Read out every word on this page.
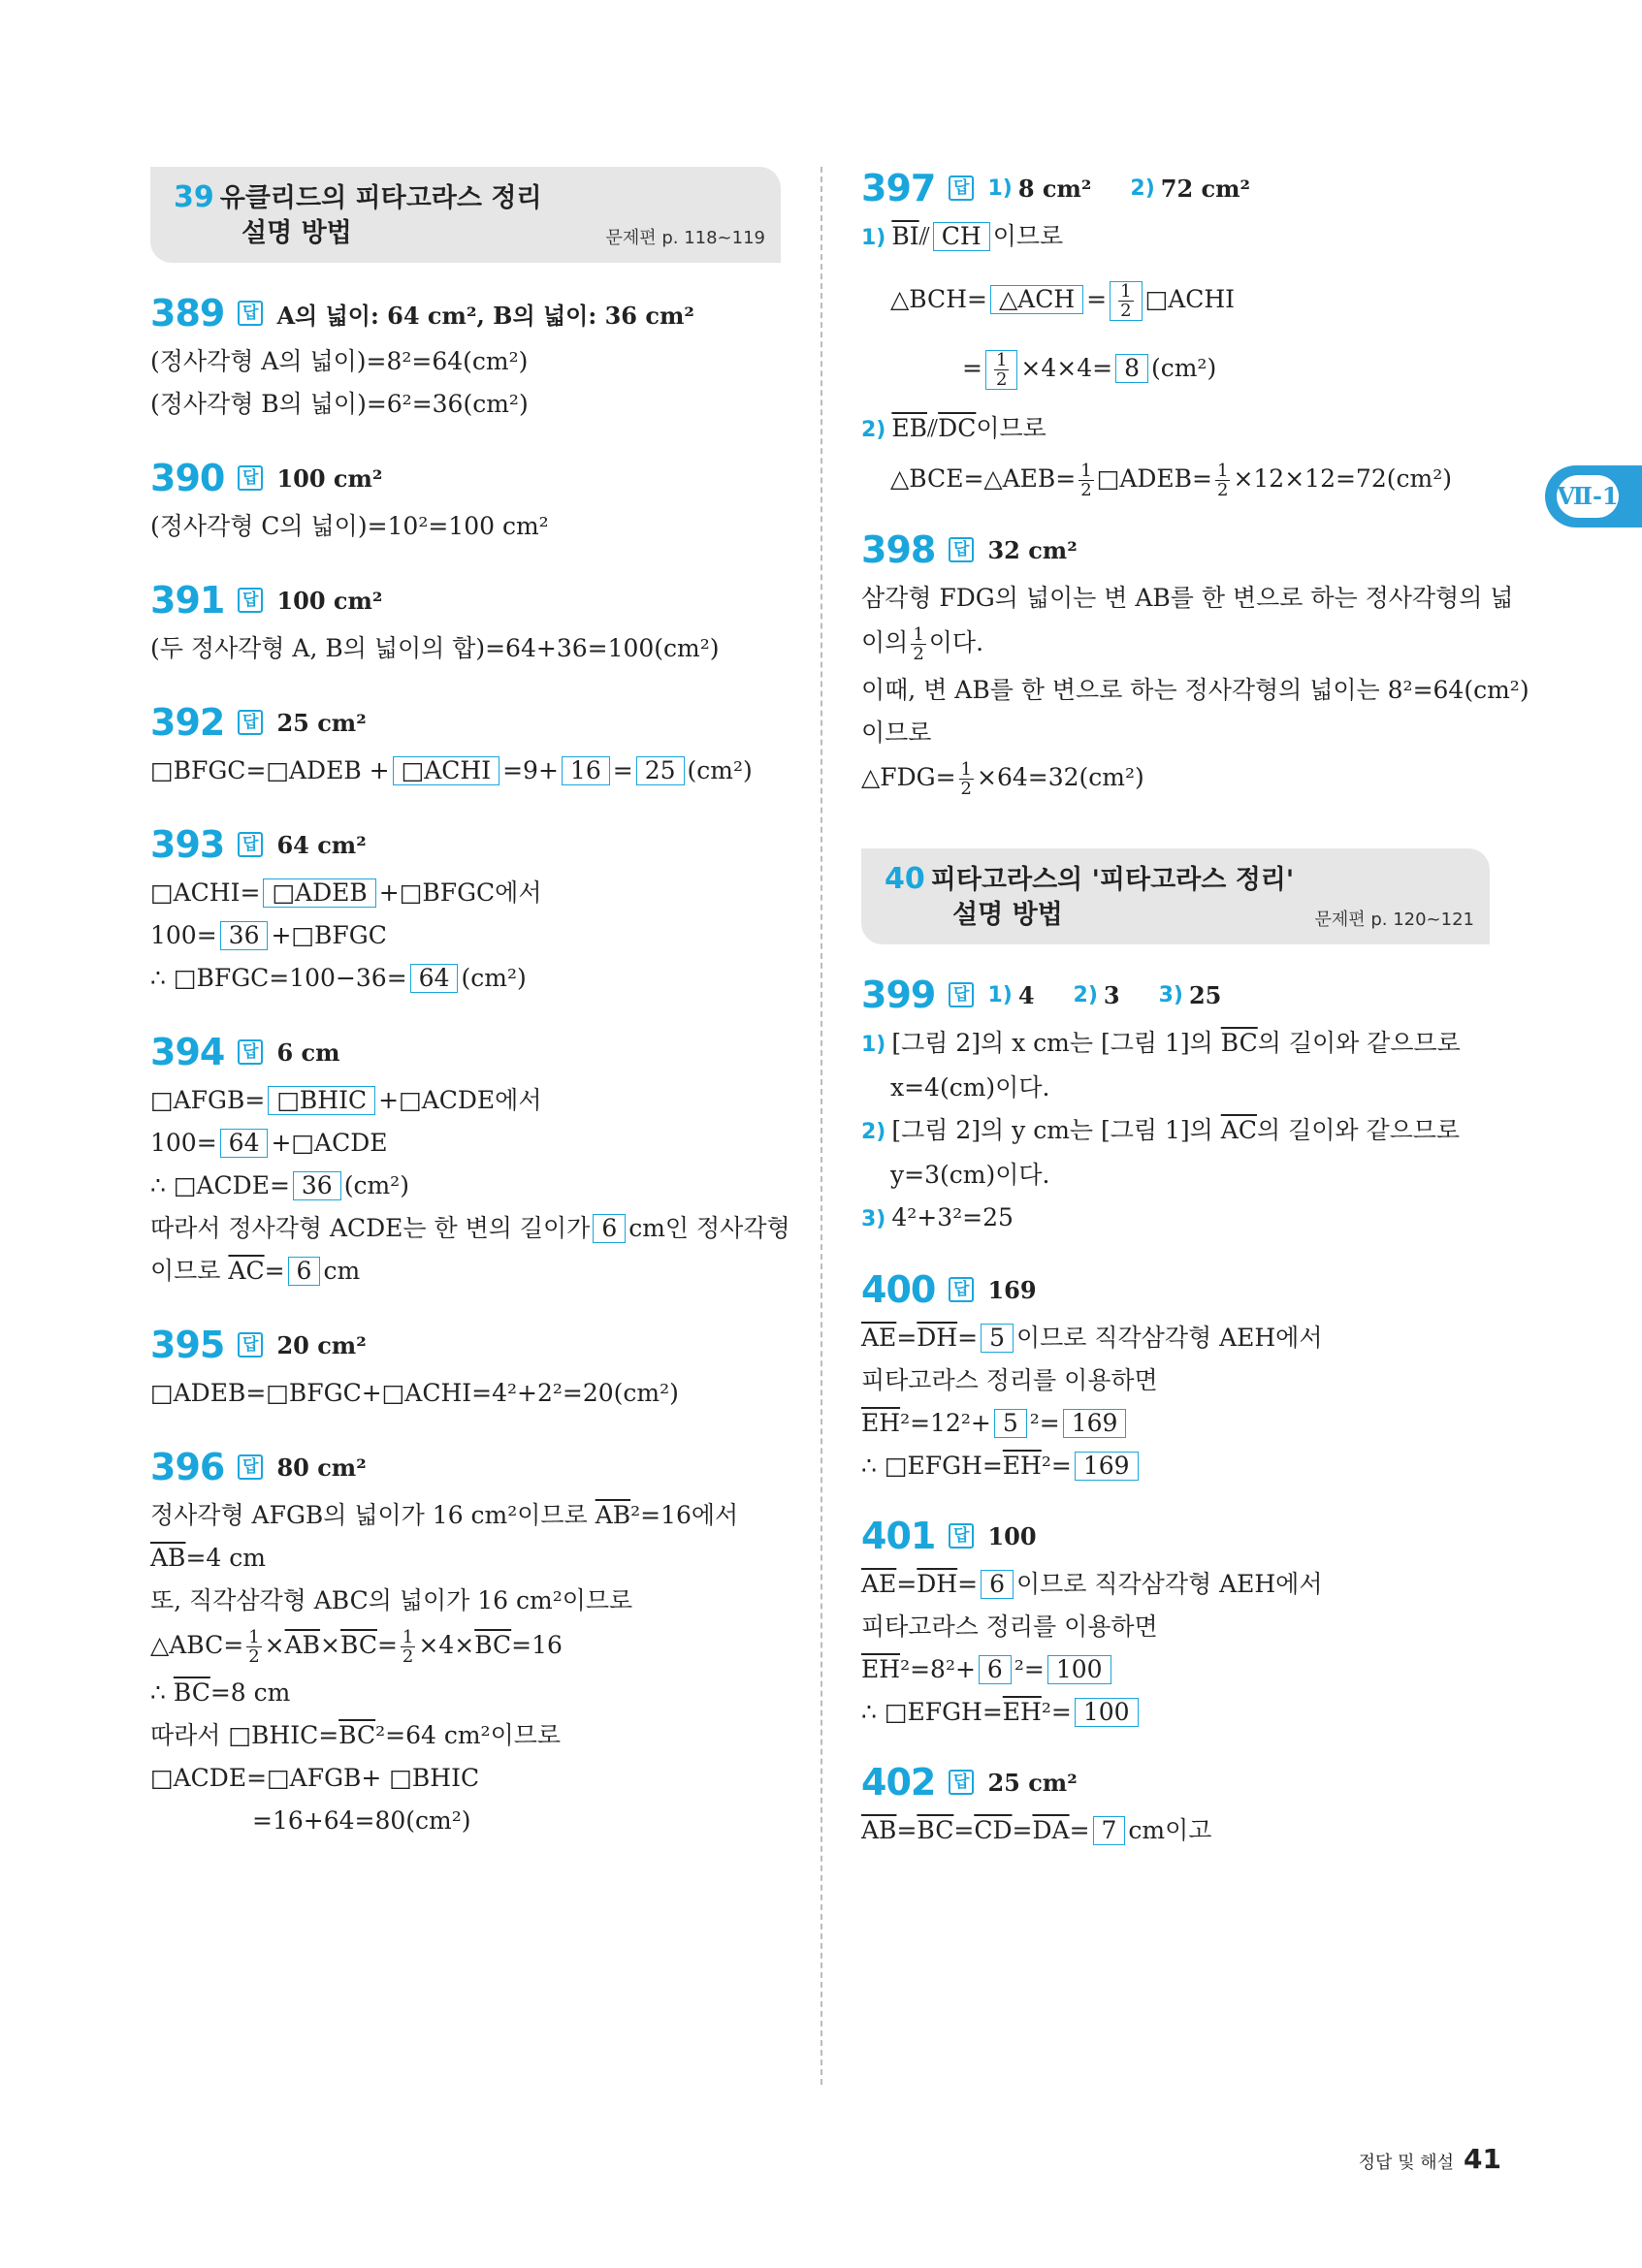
39 유클리드의 피타고라스 정리
설명 방법	문제편 p. 118~119
389	답 A의 넓이: 64 cm², B의 넓이: 36 cm²
(정사각형 A의 넓이)=8²=64(cm²)
(정사각형 B의 넓이)=6²=36(cm²)
390	답 100 cm²
(정사각형 C의 넓이)=10²=100 cm²
391	답 100 cm²
(두 정사각형 A, B의 넓이의 합)=64+36=100(cm²)
392	답 25 cm²
□BFGC=□ADEB + □ACHI =9+ 16 = 25 (cm²)
393	답 64 cm²
□ACHI= □ADEB +□BFGC에서
100= 36 +□BFGC
∴ □BFGC=100−36= 64 (cm²)
394	답 6 cm
□AFGB= □BHIC +□ACDE에서
100= 64 +□ACDE
∴ □ACDE= 36 (cm²)
따라서 정사각형 ACDE는 한 변의 길이가 6 cm인 정사각형
이므로 $\overline{AC}= 6$ cm
395	답 20 cm²
□ADEB=□BFGC+□ACHI=4²+2²=20(cm²)
396	답 80 cm²
정사각형 AFGB의 넓이가 16 cm²이므로 $\overline{AB}^2=16$에서
$\overline{AB}=4$ cm
또, 직각삼각형 ABC의 넓이가 16 cm²이므로
△ABC= $\frac{1}{2} \times\overline{AB}\times\overline{BC}= \frac{1}{2} \times 4\times\overline{BC}=16$
∴ $\overline{BC}=8$ cm
따라서 $□BHIC=\overline{BC}^2=64$ cm²이므로
□ACDE=□AFGB+ □BHIC
=16+64=80(cm²)
397	답 1) 8 cm² 2) 72 cm²
1) $\overline{BI}⫽$ CH 이므로
△BCH= △ACH = $\frac{1}{2}$ □ACHI
= $\frac{1}{2} \times 4\times 4= 8$ (cm²)
2) $\overline{EB}⫽\overline{DC}$이므로
△BCE=△AEB= $\frac{1}{2}$ □ADEB= $\frac{1}{2} \times 12\times 12=72(cm^2)$
398	답 32 cm²
삼각형 FDG의 넓이는 변 AB를 한 변으로 하는 정사각형의 넓
이의 $\frac{1}{2}$ 이다.
이때, 변 AB를 한 변으로 하는 정사각형의 넓이는 8²=64(cm²)
이므로
△FDG= $\frac{1}{2} \times 64=32(cm^2)$
40 피타고라스의 '피타고라스 정리'
설명 방법	문제편 p. 120~121
399	답 1) 4 2) 3 3) 25
1) [그림 2]의 x cm는 [그림 1]의 $\overline{BC}$의 길이와 같으므로
x=4(cm)이다.
2) [그림 2]의 y cm는 [그림 1]의 $\overline{AC}$의 길이와 같으므로
y=3(cm)이다.
3) 4²+3²=25
400	답 169
$\overline{AE}=\overline{DH}= 5$ 이므로 직각삼각형 AEH에서
피타고라스 정리를 이용하면
$\overline{EH}^2=12^2+ 5$ ²= 169
∴ $□EFGH=\overline{EH}^2= 169$
401	답 100
$\overline{AE}=\overline{DH}= 6$ 이므로 직각삼각형 AEH에서
피타고라스 정리를 이용하면
$\overline{EH}^2=8^2+ 6$ ²= 100
∴ $□EFGH=\overline{EH}^2= 100$
402	답 25 cm²
$\overline{AB}=\overline{BC}=\overline{CD}=\overline{DA}= 7$ cm이고
Ⅶ-1
정답 및 해설 41
